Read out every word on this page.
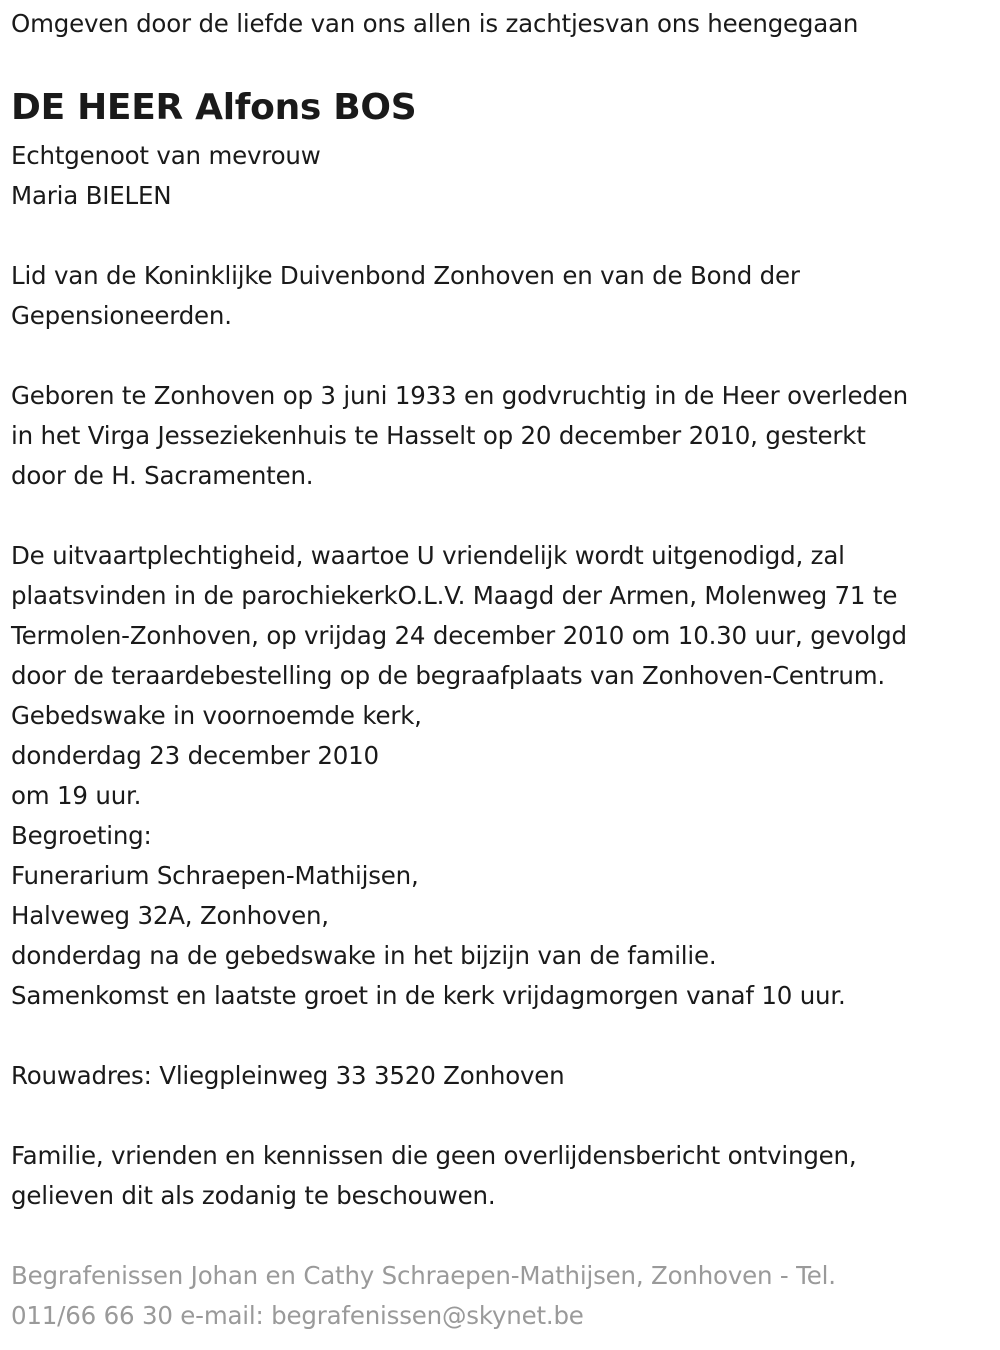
Omgeven door de liefde van ons allen is zachtjesvan ons heengegaan
DE HEER Alfons BOS
Echtgenoot van mevrouw
Maria BIELEN
Lid van de Koninklijke Duivenbond Zonhoven en van de Bond der
Gepensioneerden.
Geboren te Zonhoven op 3 juni 1933 en godvruchtig in de Heer overleden
in het Virga Jesseziekenhuis te Hasselt op 20 december 2010, gesterkt
door de H. Sacramenten.
De uitvaartplechtigheid, waartoe U vriendelijk wordt uitgenodigd, zal
plaatsvinden in de parochiekerkO.L.V. Maagd der Armen, Molenweg 71 te
Termolen-Zonhoven, op vrijdag 24 december 2010 om 10.30 uur, gevolgd
door de teraardebestelling op de begraafplaats van Zonhoven-Centrum.
Gebedswake in voornoemde kerk,
donderdag 23 december 2010
om 19 uur.
Begroeting:
Funerarium Schraepen-Mathijsen,
Halveweg 32A, Zonhoven,
donderdag na de gebedswake in het bijzijn van de familie.
Samenkomst en laatste groet in de kerk vrijdagmorgen vanaf 10 uur.
Rouwadres: Vliegpleinweg 33 3520 Zonhoven
Familie, vrienden en kennissen die geen overlijdensbericht ontvingen,
gelieven dit als zodanig te beschouwen.
Begrafenissen Johan en Cathy Schraepen-Mathijsen, Zonhoven - Tel.
011/66 66 30 e-mail: begrafenissen@skynet.be
